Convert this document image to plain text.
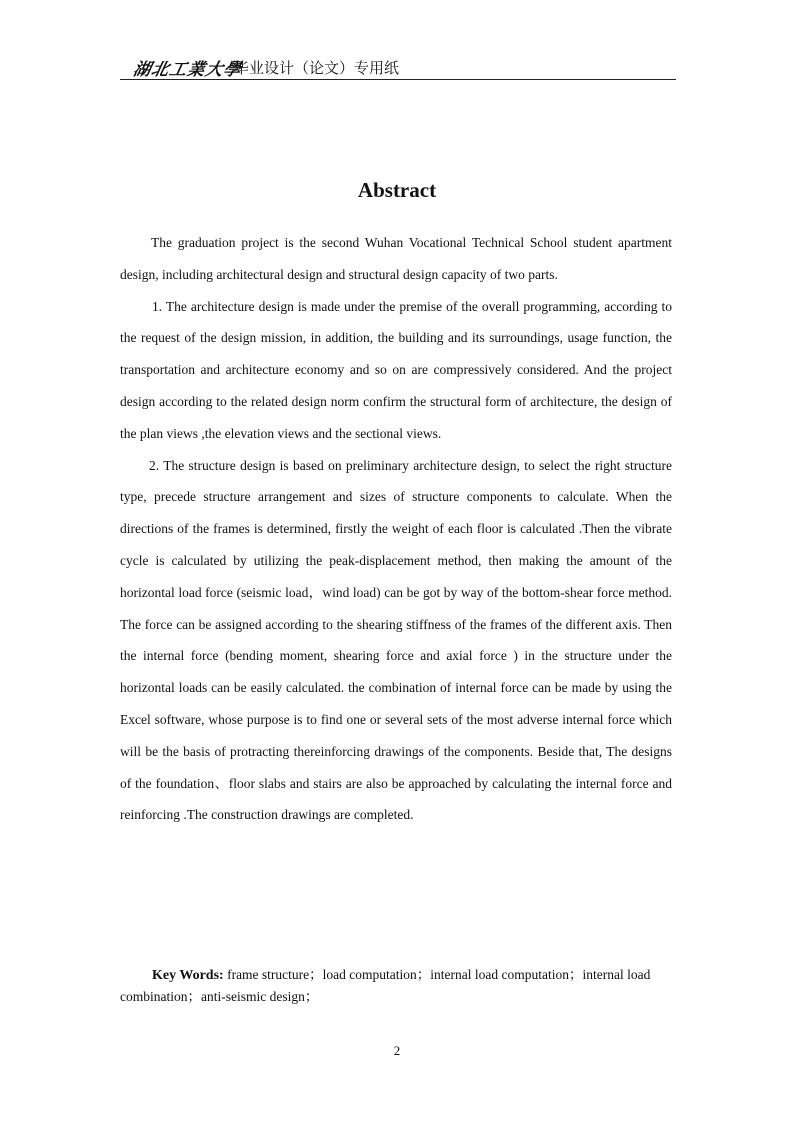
湖北工業大學
毕业设计（论文）专用纸
Abstract

The graduation project is the second Wuhan Vocational Technical School student apartment design, including architectural design and structural design capacity of two parts.

1. The architecture design is made under the premise of the overall programming, according to the request of the design mission, in addition, the building and its surroundings, usage function, the transportation and architecture economy and so on are compressively considered. And the project design according to the related design norm confirm the structural form of architecture, the design of the plan views ,the elevation views and the sectional views.

2. The structure design is based on preliminary architecture design, to select the right structure type, precede structure arrangement and sizes of structure components to calculate. When the directions of the frames is determined, firstly the weight of each floor is calculated .Then the vibrate cycle is calculated by utilizing the peak-displacement method, then making the amount of the horizontal load force (seismic load，wind load) can be got by way of the bottom-shear force method. The force can be assigned according to the shearing stiffness of the frames of the different axis. Then the internal force (bending moment, shearing force and axial force ) in the structure under the horizontal loads can be easily calculated. the combination of internal force can be made by using the Excel software, whose purpose is to find one or several sets of the most adverse internal force which will be the basis of protracting thereinforcing drawings of the components. Beside that, The designs of the foundation、floor slabs and stairs are also be approached by calculating the internal force and reinforcing .The construction drawings are completed.

Key Words: frame structure；load computation；internal load computation；internal load combination；anti-seismic design；
2
